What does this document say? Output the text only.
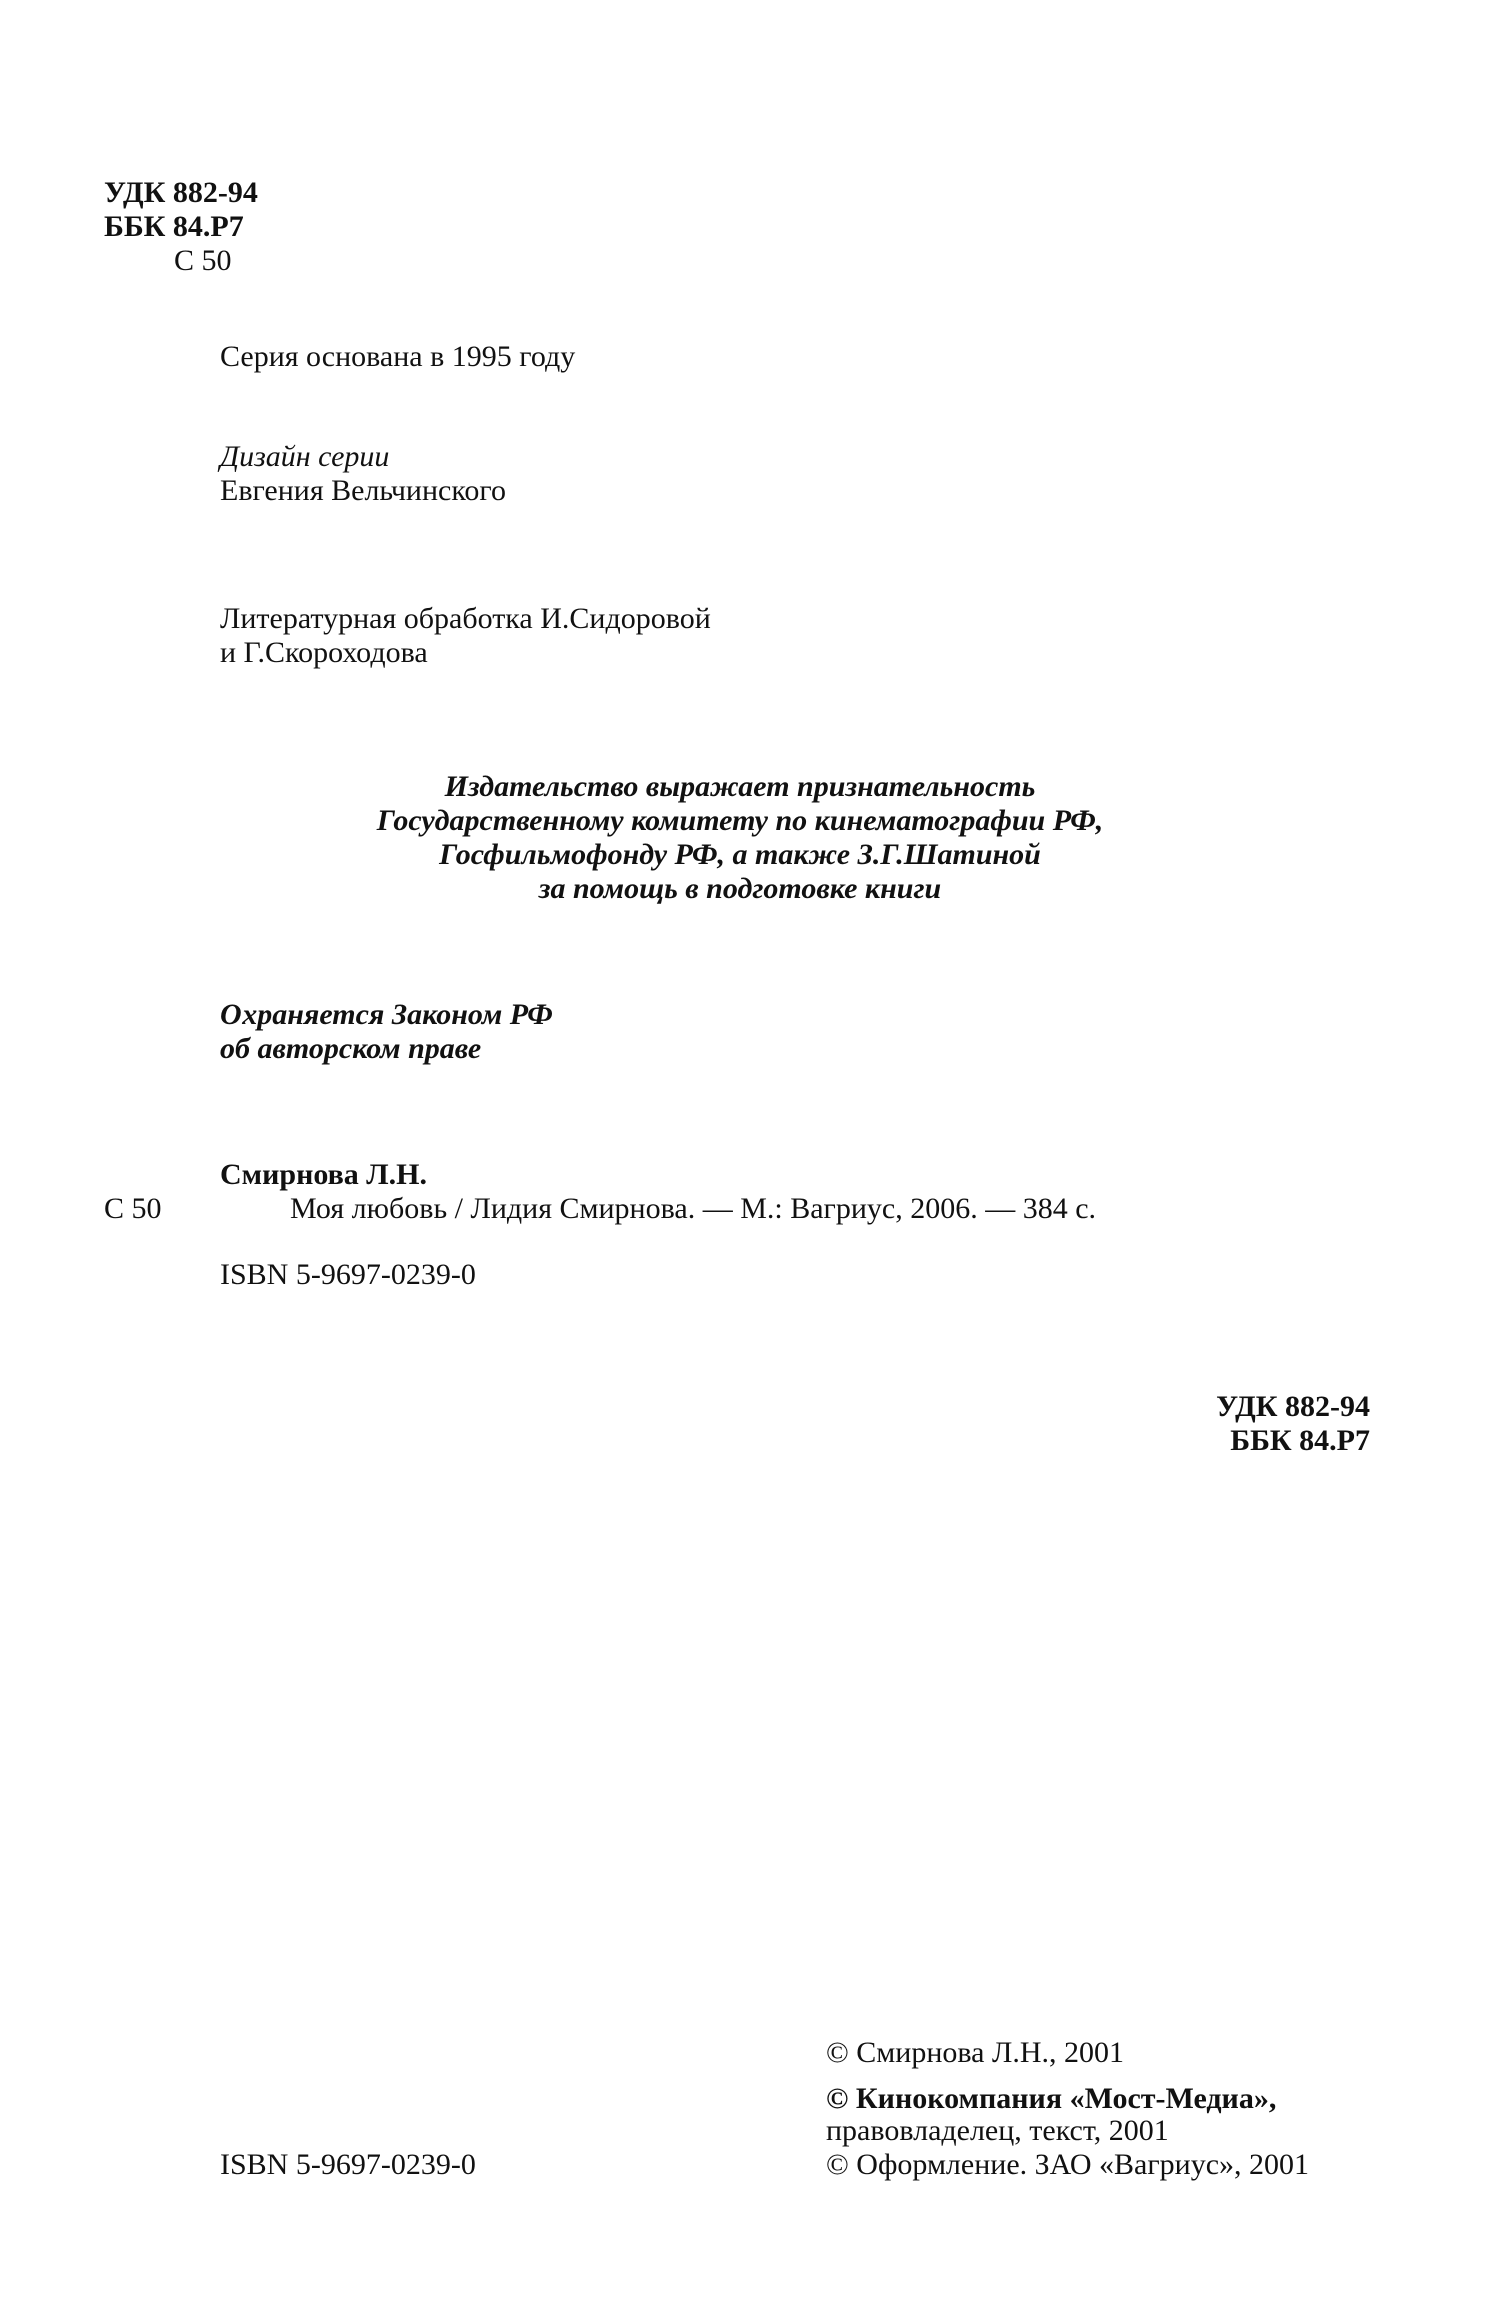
УДК 882-94
ББК 84.Р7
С 50
Серия основана в 1995 году
Дизайн серии
Евгения Вельчинского
Литературная обработка И.Сидоровой
и Г.Скороходова
Издательство выражает признательность
Государственному комитету по кинематографии РФ,
Госфильмофонду РФ, а также З.Г.Шатиной
за помощь в подготовке книги
Охраняется Законом РФ
об авторском праве
Смирнова Л.Н.
С 50	Моя любовь / Лидия Смирнова. — М.: Вагриус, 2006. — 384 с.
ISBN 5-9697-0239-0
УДК 882-94
ББК 84.Р7
ISBN 5-9697-0239-0
© Смирнова Л.Н., 2001
© Кинокомпания «Мост-Медиа»,
правовладелец, текст, 2001
© Оформление. ЗАО «Вагриус», 2001
